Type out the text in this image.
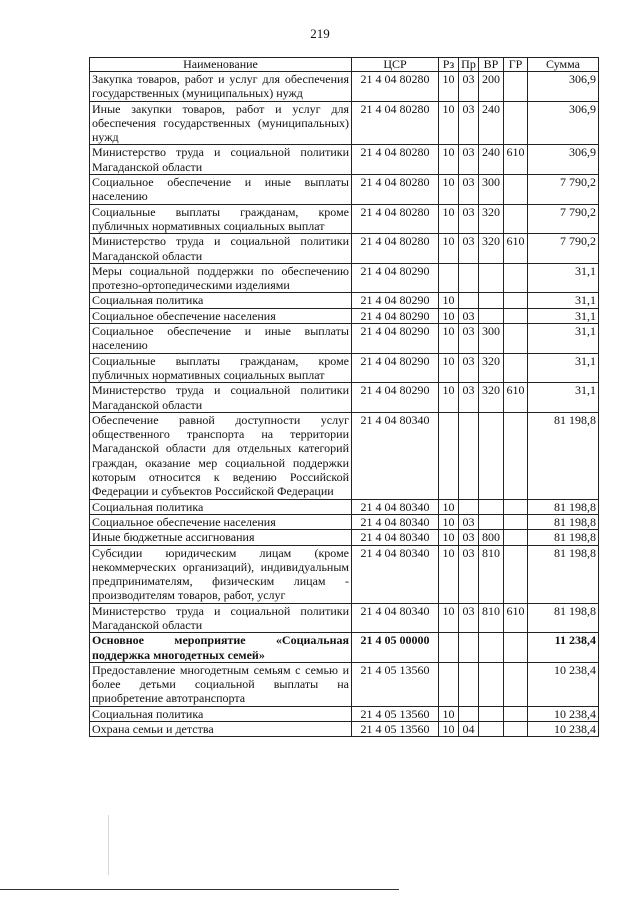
219
Наименование	ЦСР	Рз	Пр	ВР	ГР	Сумма
Закупка товаров, работ и услуг для обеспечения государственных (муниципальных) нужд	21 4 04 80280	10	03	200		306,9
Иные закупки товаров, работ и услуг для обеспечения государственных (муниципальных) нужд	21 4 04 80280	10	03	240		306,9
Министерство труда и социальной политики Магаданской области	21 4 04 80280	10	03	240	610	306,9
Социальное обеспечение и иные выплаты населению	21 4 04 80280	10	03	300		7 790,2
Социальные выплаты гражданам, кроме публичных нормативных социальных выплат	21 4 04 80280	10	03	320		7 790,2
Министерство труда и социальной политики Магаданской области	21 4 04 80280	10	03	320	610	7 790,2
Меры социальной поддержки по обеспечению протезно-ортопедическими изделиями	21 4 04 80290					31,1
Социальная политика	21 4 04 80290	10				31,1
Социальное обеспечение населения	21 4 04 80290	10	03			31,1
Социальное обеспечение и иные выплаты населению	21 4 04 80290	10	03	300		31,1
Социальные выплаты гражданам, кроме публичных нормативных социальных выплат	21 4 04 80290	10	03	320		31,1
Министерство труда и социальной политики Магаданской области	21 4 04 80290	10	03	320	610	31,1
Обеспечение равной доступности услуг общественного транспорта на территории Магаданской области для отдельных категорий граждан, оказание мер социальной поддержки которым относится к ведению Российской Федерации и субъектов Российской Федерации	21 4 04 80340					81 198,8
Социальная политика	21 4 04 80340	10				81 198,8
Социальное обеспечение населения	21 4 04 80340	10	03			81 198,8
Иные бюджетные ассигнования	21 4 04 80340	10	03	800		81 198,8
Субсидии юридическим лицам (кроме некоммерческих организаций), индивидуальным предпринимателям, физическим лицам - производителям товаров, работ, услуг	21 4 04 80340	10	03	810		81 198,8
Министерство труда и социальной политики Магаданской области	21 4 04 80340	10	03	810	610	81 198,8
Основное мероприятие «Социальная поддержка многодетных семей»	21 4 05 00000					11 238,4
Предоставление многодетным семьям с семью и более детьми социальной выплаты на приобретение автотранспорта	21 4 05 13560					10 238,4
Социальная политика	21 4 05 13560	10				10 238,4
Охрана семьи и детства	21 4 05 13560	10	04			10 238,4
